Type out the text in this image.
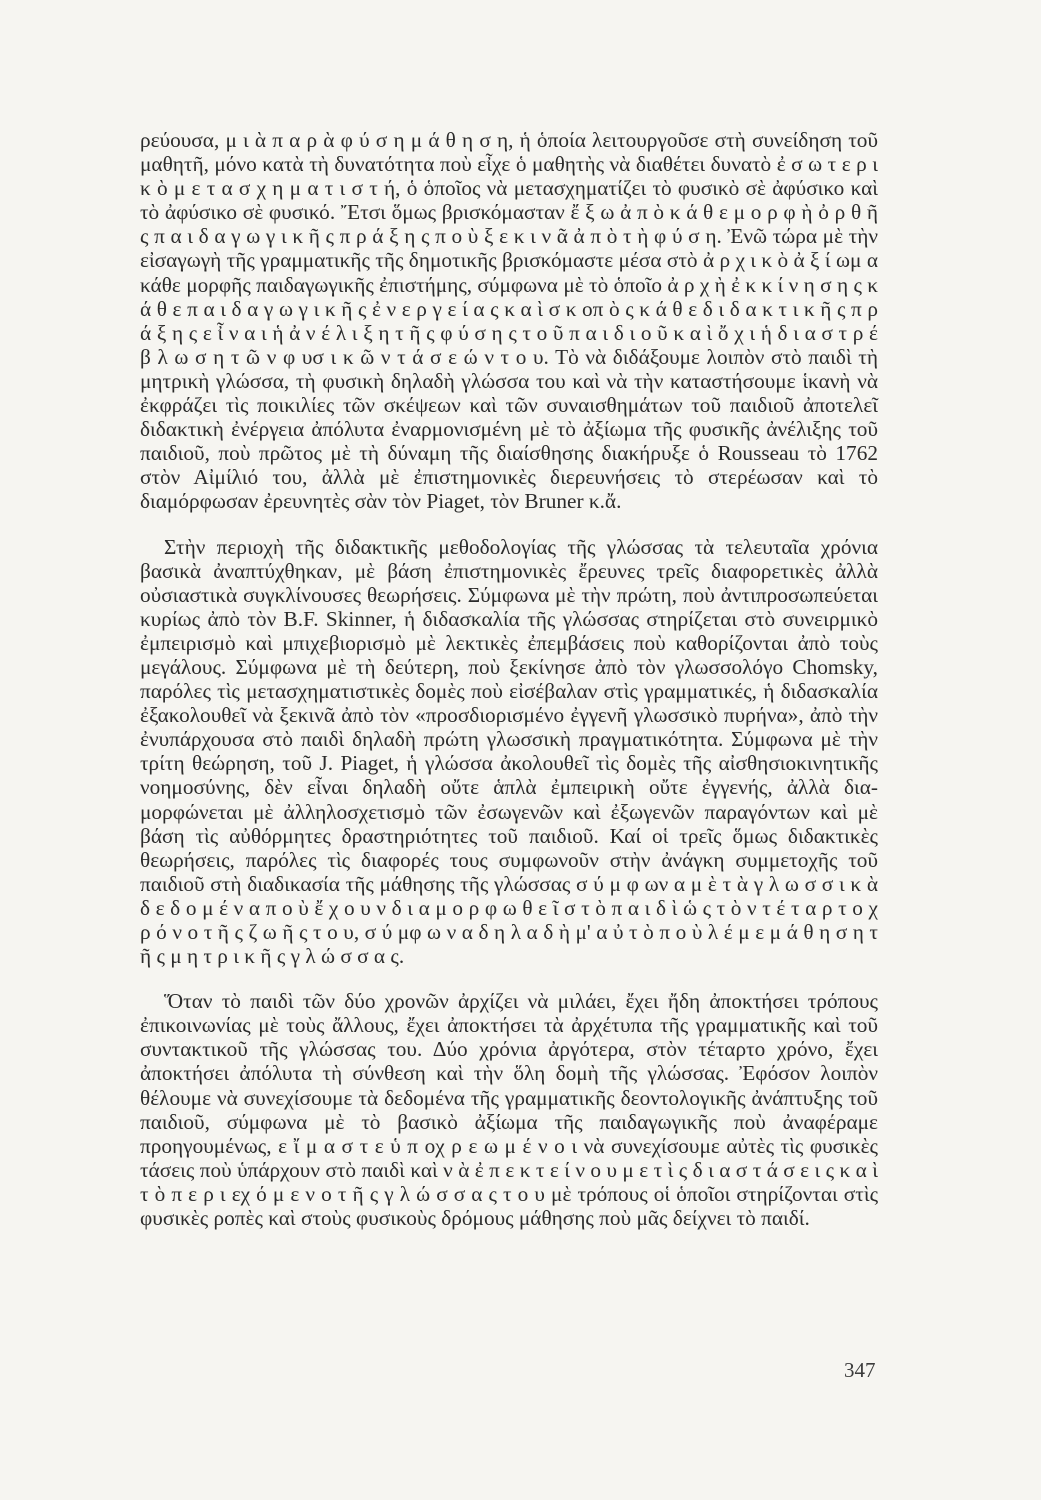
ρεύουσα, μ ι ὰ π α ρ ὰ φ ύ σ η μ ά θ η σ η, ἡ ὁποία λειτουργοῦσε στὴ συνείδηση τοῦ μαθητῆ, μόνο κατὰ τὴ δυνατότητα ποὺ εἶχε ὁ μαθητὴς νὰ διαθέτει δυνατὸ ἐ σ ω τ ε ρ ι κ ὸ μ ε τ α σ χ η μ α τ ι σ τ ή, ὁ ὁποῖος νὰ μετασχηματίζει τὸ φυσικὸ σὲ ἀφύσικο καὶ τὸ ἀφύσικο σὲ φυσικό. Ἔτσι ὅμως βρισκόμασταν ἔ ξ ω ἀ π ὸ κ ά θ ε μ ο ρ φ ὴ ὀ ρ θ ῆ ς π α ι δ α γ ω γ ι κ ῆ ς π ρ ά ξ η ς π ο ὺ ξ ε κ ι ν ᾶ ἀ π ὸ τ ὴ φ ύ σ η. Ἐνῶ τώρα μὲ τὴν εἰσαγωγὴ τῆς γραμματικῆς τῆς δημοτικῆς βρισκόμαστε μέσα στὸ ἀ ρ χ ι κ ὸ ἀ ξ ί ωμ α κάθε μορφῆς παιδαγωγικῆς ἐπιστήμης, σύμφωνα μὲ τὸ ὁποῖο ἀ ρ χ ὴ ἐ κ κ ί ν η σ η ς κ ά θ ε π α ι δ α γ ω γ ι κ ῆ ς ἐ ν ε ρ γ ε ί α ς κ α ὶ σ κ οπ ὸ ς κ ά θ ε δ ι δ α κ τ ι κ ῆ ς π ρ ά ξ η ς ε ἶ ν α ι ἡ ἀ ν έ λ ι ξ η τ ῆ ς φ ύ σ η ς τ ο ῦ π α ι δ ι ο ῦ κ α ὶ ὄ χ ι ἡ δ ι α σ τ ρ έ β λ ω σ η τ ῶ ν φ υσ ι κ ῶ ν τ ά σ ε ώ ν τ ο υ. Τὸ νὰ διδάξουμε λοιπὸν στὸ παιδὶ τὴ μητρικὴ γλώσσα, τὴ φυσικὴ δηλαδὴ γλώσσα του καὶ νὰ τὴν καταστήσουμε ἱκανὴ νὰ ἐκφράζει τὶς ποικιλίες τῶν σκέψεων καὶ τῶν συναισθημάτων τοῦ παιδιοῦ ἀποτελεῖ διδακτικὴ ἐνέργεια ἀπόλυτα ἐναρμονισμένη μὲ τὸ ἀξίωμα τῆς φυσικῆς ἀνέλιξης τοῦ παιδιοῦ, ποὺ πρῶτος μὲ τὴ δύναμη τῆς διαίσθησης διακήρυξε ὁ Rousseau τὸ 1762 στὸν Αἰμίλιό του, ἀλλὰ μὲ ἐπιστημονικὲς διερευνήσεις τὸ στερέωσαν καὶ τὸ διαμόρφωσαν ἐρευνητὲς σὰν τὸν Piaget, τὸν Bruner κ.ἄ.

Στὴν περιοχὴ τῆς διδακτικῆς μεθοδολογίας τῆς γλώσσας τὰ τελευταῖα χρόνια βασικὰ ἀναπτύχθηκαν, μὲ βάση ἐπιστημονικὲς ἔρευνες τρεῖς διαφορετικὲς ἀλλὰ οὐσιαστικὰ συγκλίνουσες θεωρήσεις. Σύμφωνα μὲ τὴν πρώτη, ποὺ ἀντιπροσωπεύεται κυρίως ἀπὸ τὸν B.F. Skinner, ἡ διδασκαλία τῆς γλώσσας στηρίζεται στὸ συνειρμικὸ ἐμπειρισμὸ καὶ μπιχεβιορισμὸ μὲ λεκτικὲς ἐπεμβάσεις ποὺ καθορίζονται ἀπὸ τοὺς μεγάλους. Σύμφωνα μὲ τὴ δεύτερη, ποὺ ξεκίνησε ἀπὸ τὸν γλωσσολόγο Chomsky, παρόλες τὶς μετασχηματιστικὲς δομὲς ποὺ εἰσέβαλαν στὶς γραμματικές, ἡ διδασκαλία ἐξακολουθεῖ νὰ ξεκινᾶ ἀπὸ τὸν «προσδιορισμένο ἐγγενῆ γλωσσικὸ πυρήνα», ἀπὸ τὴν ἐνυπάρχουσα στὸ παιδὶ δηλαδὴ πρώτη γλωσσικὴ πραγματικότητα. Σύμφωνα μὲ τὴν τρίτη θεώρηση, τοῦ J. Piaget, ἡ γλώσσα ἀκολουθεῖ τὶς δομὲς τῆς αἰσθησιοκινητικῆς νοημοσύνης, δὲν εἶναι δηλαδὴ οὔτε ἁπλὰ ἐμπειρικὴ οὔτε ἐγγενής, ἀλλὰ διαμορφώνεται μὲ ἀλληλοσχετισμὸ τῶν ἐσωγενῶν καὶ ἐξωγενῶν παραγόντων καὶ μὲ βάση τὶς αὐθόρμητες δραστηριότητες τοῦ παιδιοῦ. Καί οἱ τρεῖς ὅμως διδακτικὲς θεωρήσεις, παρόλες τὶς διαφορές τους συμφωνοῦν στὴν ἀνάγκη συμμετοχῆς τοῦ παιδιοῦ στὴ διαδικασία τῆς μάθησης τῆς γλώσσας σ ύ μ φ ων α μ ὲ τ ὰ γ λ ω σ σ ι κ ὰ δ ε δ ο μ έ ν α π ο ὺ ἔ χ ο υ ν δ ι α μ ο ρ φ ω θ ε ῖ σ τ ὸ π α ι δ ὶ ὡ ς τ ὸ ν τ έ τ α ρ τ ο χ ρ ό ν ο τ ῆ ς ζ ω ῆ ς τ ο υ, σ ύ μφ ω ν α δ η λ α δ ὴ μ' α ὐ τ ὸ π ο ὺ λ έ μ ε μ ά θ η σ η τ ῆ ς μ η τ ρ ι κ ῆ ς γ λ ώ σ σ α ς.

Ὅταν τὸ παιδὶ τῶν δύο χρονῶν ἀρχίζει νὰ μιλάει, ἔχει ἤδη ἀποκτήσει τρόπους ἐπικοινωνίας μὲ τοὺς ἄλλους, ἔχει ἀποκτήσει τὰ ἀρχέτυπα τῆς γραμματικῆς καὶ τοῦ συντακτικοῦ τῆς γλώσσας του. Δύο χρόνια ἀργότερα, στὸν τέταρτο χρόνο, ἔχει ἀποκτήσει ἀπόλυτα τὴ σύνθεση καὶ τὴν ὅλη δομὴ τῆς γλώσσας. Ἐφόσον λοιπὸν θέλουμε νὰ συνεχίσουμε τὰ δεδομένα τῆς γραμματικῆς δεοντολογικῆς ἀνάπτυξης τοῦ παιδιοῦ, σύμφωνα μὲ τὸ βασικὸ ἀξίωμα τῆς παιδαγωγικῆς ποὺ ἀναφέραμε προηγουμένως, ε ἴ μ α σ τ ε ὑ π οχ ρ ε ω μ έ ν ο ι νὰ συνεχίσουμε αὐτὲς τὶς φυσικὲς τάσεις ποὺ ὑπάρχουν στὸ παιδὶ καὶ ν ὰ ἐ π ε κ τ ε ί ν ο υ μ ε τ ὶ ς δ ι α σ τ ά σ ε ι ς κ α ὶ τ ὸ π ε ρ ι εχ ό μ ε ν ο τ ῆ ς γ λ ώ σ σ α ς τ ο υ μὲ τρόπους οἱ ὁποῖοι στηρίζονται στὶς φυσικὲς ροπὲς καὶ στοὺς φυσικοὺς δρόμους μάθησης ποὺ μᾶς δείχνει τὸ παιδί.

347
